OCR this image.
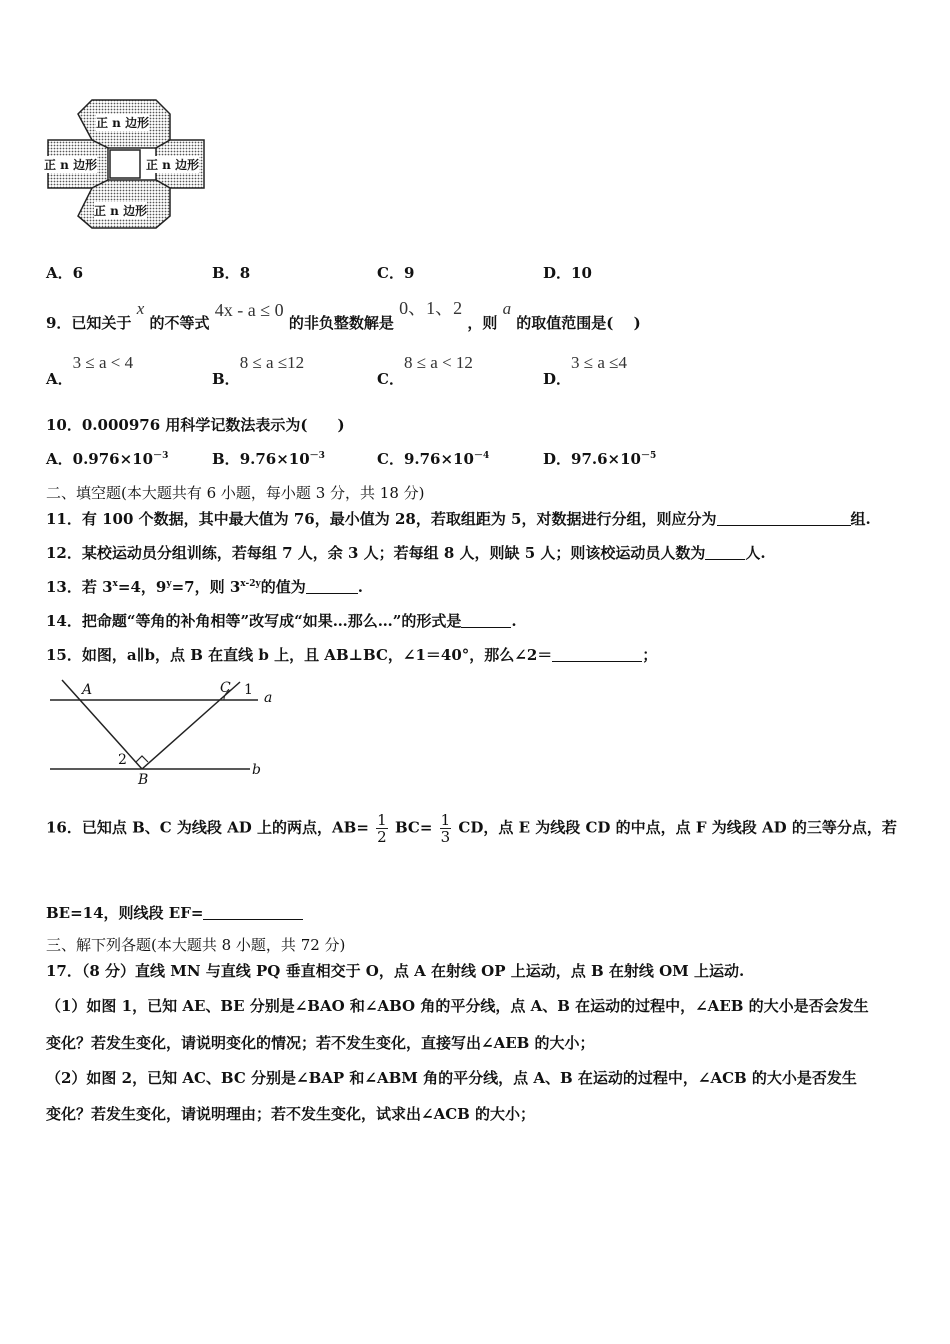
正 n 边形
正 n 边形	正 n 边形
正 n 边形
A．6	B．8	C．9	D．10
9．已知关于 x 的不等式 4x - a ≤ 0 的非负整数解是 0、1、2 ，则 a 的取值范围是(　 )
A．3 ≤ a < 4
B．8 ≤ a ≤12
C．8 ≤ a < 12
D．3 ≤ a ≤4
10．0.000976 用科学记数法表示为(　　)
A．$0.976\times 10^{-3}$	B．$9.76\times 10^{-3}$	C．$9.76\times 10^{-4}$	D．$97.6\times 10^{-5}$
二、填空题(本大题共有 6 小题，每小题 3 分，共 18 分)
11．有 100 个数据，其中最大值为 76，最小值为 28，若取组距为 5，对数据进行分组，则应分为	组.
12．某校运动员分组训练，若每组 7 人，余 3 人；若每组 8 人，则缺 5 人；则该校运动员人数为	人.
13．若 $3^x=4$，$9^y=7$，则 $3^{x-2y}$的值为	.
14．把命题“等角的补角相等”改写成“如果…那么…”的形式是	.
15．如图，a∥b，点 B 在直线 b 上，且 AB⊥BC，∠1＝40°，那么∠2＝	；
A	C 1 a
2
B
b
16．已知点 B、C 为线段 AD 上的两点，$AB= \frac{1}{2} BC= \frac{1}{3}$ CD，点 E 为线段 CD 的中点，点 F 为线段 AD 的三等分点，若
BE=14，则线段 EF=
三、解下列各题(本大题共 8 小题，共 72 分)
17．（8 分）直线 MN 与直线 PQ 垂直相交于 O，点 A 在射线 OP 上运动，点 B 在射线 OM 上运动.
（1）如图 1，已知 AE、BE 分别是∠BAO 和∠ABO 角的平分线，点 A、B 在运动的过程中，∠AEB 的大小是否会发生
变化？若发生变化，请说明变化的情况；若不发生变化，直接写出∠AEB 的大小；
（2）如图 2，已知 AC、BC 分别是∠BAP 和∠ABM 角的平分线，点 A、B 在运动的过程中，∠ACB 的大小是否发生
变化？若发生变化，请说明理由；若不发生变化，试求出∠ACB 的大小；
